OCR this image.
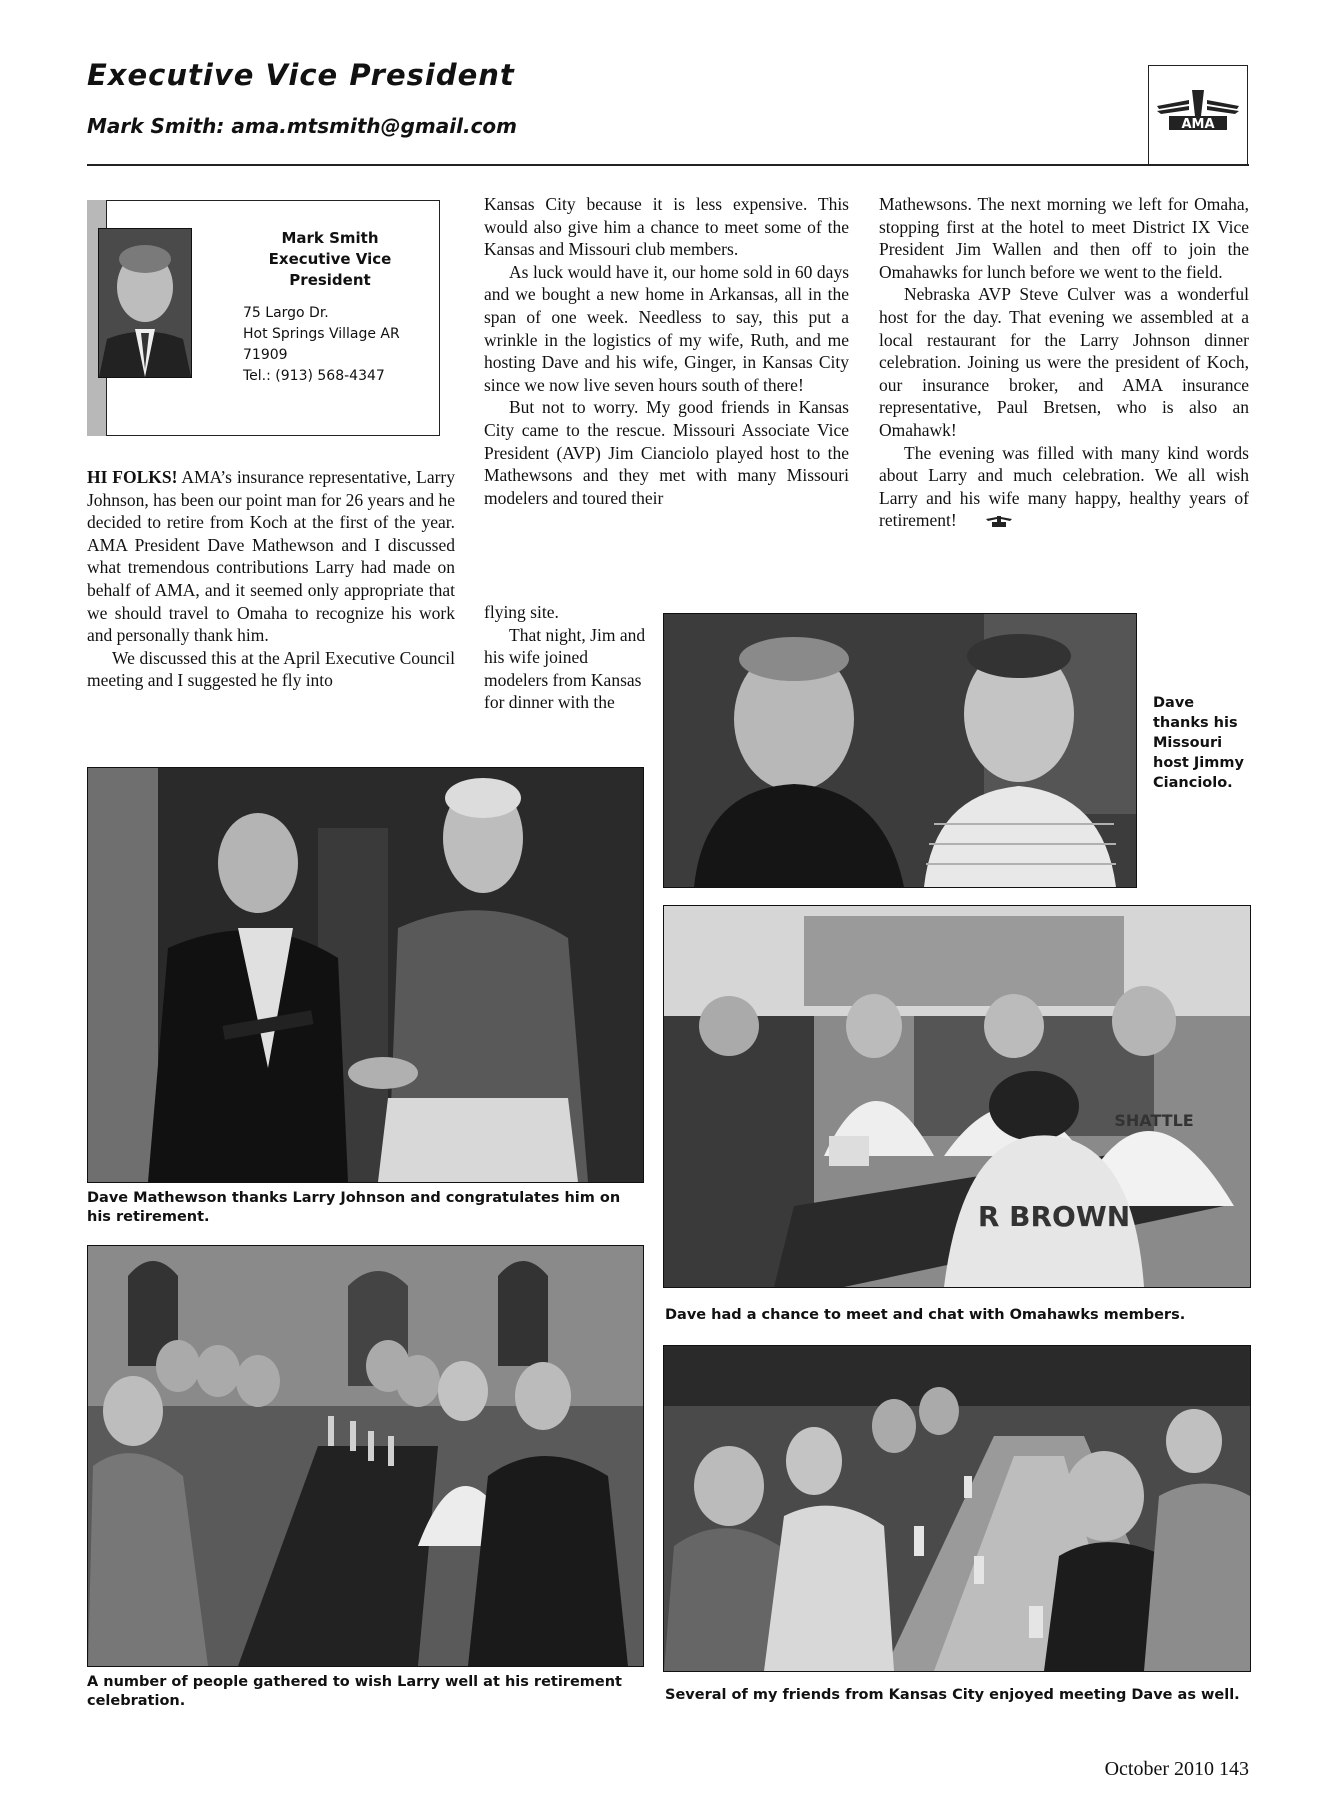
Executive Vice President
Mark Smith: ama.mtsmith@gmail.com	AMA
Mark Smith
Executive Vice
President
75 Largo Dr.
Hot Springs Village AR
71909
Tel.: (913) 568-4347

HI FOLKS! AMA’s insurance representative, Larry Johnson, has been our point man for 26 years and he decided to retire from Koch at the first of the year. AMA President Dave Mathewson and I discussed what tremendous contributions Larry had made on behalf of AMA, and it seemed only appropriate that we should travel to Omaha to recognize his work and personally thank him.

We discussed this at the April Executive Council meeting and I suggested he fly into

Kansas City because it is less expensive. This would also give him a chance to meet some of the Kansas and Missouri club members.

As luck would have it, our home sold in 60 days and we bought a new home in Arkansas, all in the span of one week. Needless to say, this put a wrinkle in the logistics of my wife, Ruth, and me hosting Dave and his wife, Ginger, in Kansas City since we now live seven hours south of there!

But not to worry. My good friends in Kansas City came to the rescue. Missouri Associate Vice President (AVP) Jim Cianciolo played host to the Mathewsons and they met with many Missouri modelers and toured their

flying site.

That night, Jim and his wife joined modelers from Kansas for dinner with the

Mathewsons. The next morning we left for Omaha, stopping first at the hotel to meet District IX Vice President Jim Wallen and then off to join the Omahawks for lunch before we went to the field.

Nebraska AVP Steve Culver was a wonderful host for the day. That evening we assembled at a local restaurant for the Larry Johnson dinner celebration. Joining us were the president of Koch, our insurance broker, and AMA insurance representative, Paul Bretsen, who is also an Omahawk!

The evening was filled with many kind words about Larry and much celebration. We all wish Larry and his wife many happy, healthy years of retirement!

Dave thanks his Missouri host Jimmy Cianciolo.
Dave Mathewson thanks Larry Johnson and congratulates him on his retirement.
SHATTLE
R BROWN
Dave had a chance to meet and chat with Omahawks members.
A number of people gathered to wish Larry well at his retirement celebration.	Several of my friends from Kansas City enjoyed meeting Dave as well.
October 2010 143
